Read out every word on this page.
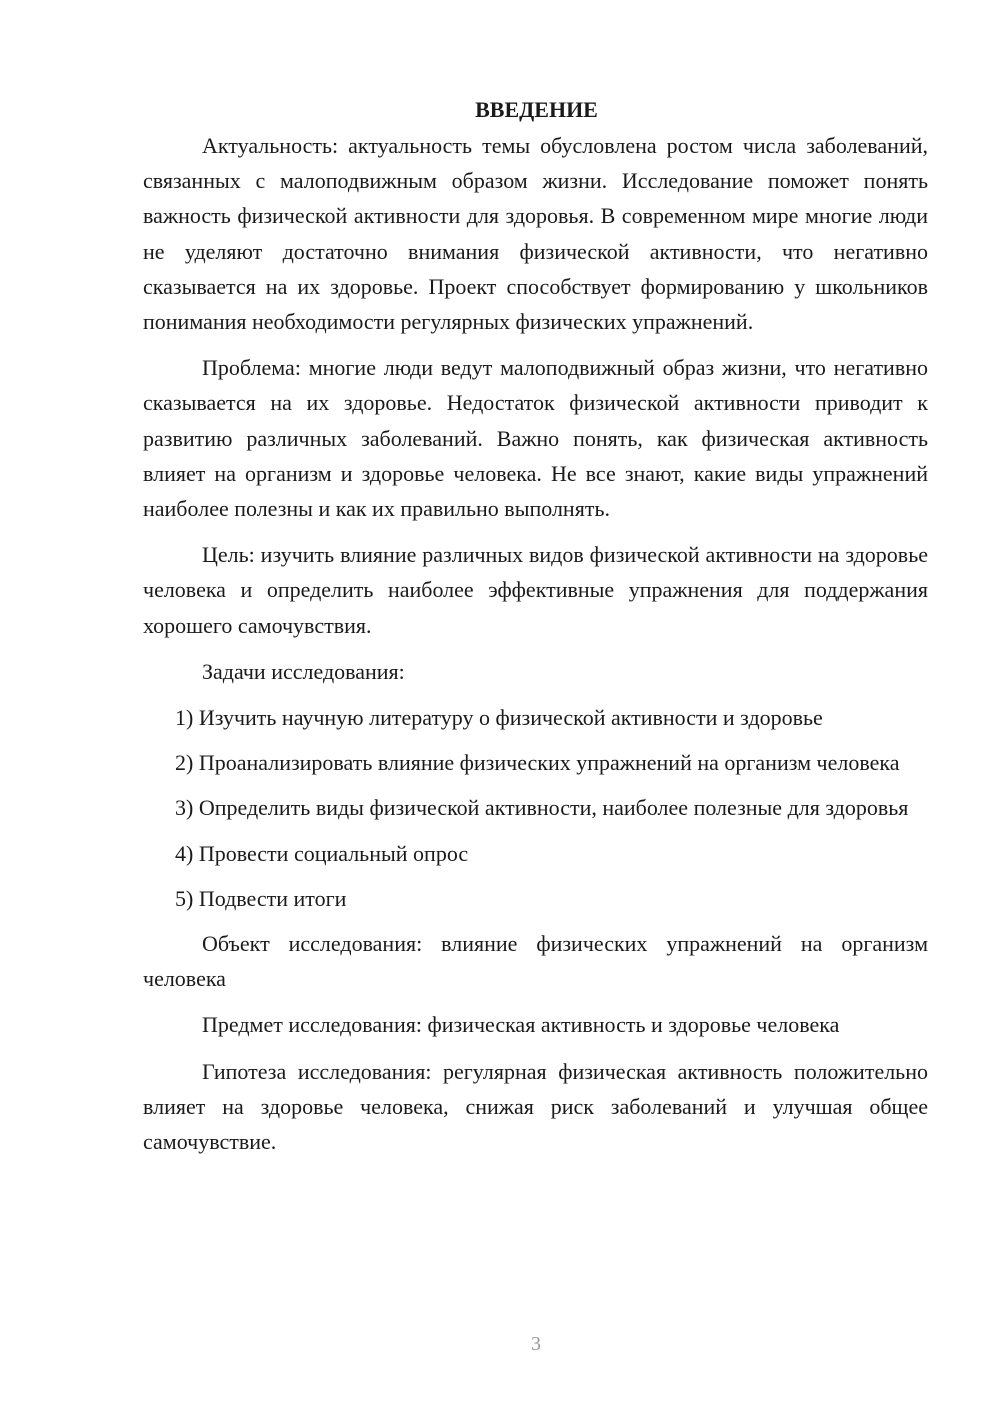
ВВЕДЕНИЕ

Актуальность: актуальность темы обусловлена ростом числа заболеваний, связанных с малоподвижным образом жизни. Исследование поможет понять важность физической активности для здоровья. В современном мире многие люди не уделяют достаточно внимания физической активности, что негативно сказывается на их здоровье. Проект способствует формированию у школьников понимания необходимости регулярных физических упражнений.

Проблема: многие люди ведут малоподвижный образ жизни, что негативно сказывается на их здоровье. Недостаток физической активности приводит к развитию различных заболеваний. Важно понять, как физическая активность влияет на организм и здоровье человека. Не все знают, какие виды упражнений наиболее полезны и как их правильно выполнять.

Цель: изучить влияние различных видов физической активности на здоровье человека и определить наиболее эффективные упражнения для поддержания хорошего самочувствия.

Задачи исследования:

1) Изучить научную литературу о физической активности и здоровье

2) Проанализировать влияние физических упражнений на организм человека

3) Определить виды физической активности, наиболее полезные для здоровья

4) Провести социальный опрос

5) Подвести итоги

Объект исследования: влияние физических упражнений на организм человека

Предмет исследования: физическая активность и здоровье человека

Гипотеза исследования: регулярная физическая активность положительно влияет на здоровье человека, снижая риск заболеваний и улучшая общее самочувствие.

3
